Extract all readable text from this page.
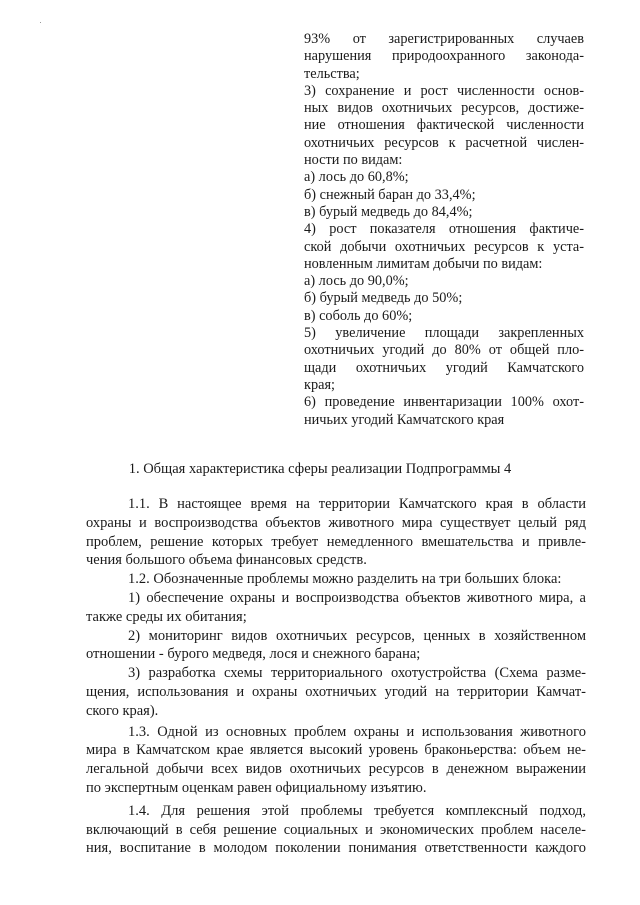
93% от зарегистрированных случаев
нарушения природоохранного законода-
тельства;
3) сохранение и рост численности основ-
ных видов охотничьих ресурсов, достиже-
ние отношения фактической численности
охотничьих ресурсов к расчетной числен-
ности по видам:
а) лось до 60,8%;
б) снежный баран до 33,4%;
в) бурый медведь до 84,4%;
4) рост показателя отношения фактиче-
ской добычи охотничьих ресурсов к уста-
новленным лимитам добычи по видам:
а) лось до 90,0%;
б) бурый медведь до 50%;
в) соболь до 60%;
5) увеличение площади закрепленных
охотничьих угодий до 80% от общей пло-
щади охотничьих угодий Камчатского
края;
6) проведение инвентаризации 100% охот-
ничьих угодий Камчатского края
1. Общая характеристика сферы реализации Подпрограммы 4
1.1. В настоящее время на территории Камчатского края в области
охраны и воспроизводства объектов животного мира существует целый ряд
проблем, решение которых требует немедленного вмешательства и привле-
чения большого объема финансовых средств.
1.2. Обозначенные проблемы можно разделить на три больших блока:
1) обеспечение охраны и воспроизводства объектов животного мира, а
также среды их обитания;
2) мониторинг видов охотничьих ресурсов, ценных в хозяйственном
отношении - бурого медведя, лося и снежного барана;
3) разработка схемы территориального охотустройства (Схема разме-
щения, использования и охраны охотничьих угодий на территории Камчат-
ского края).
1.3. Одной из основных проблем охраны и использования животного
мира в Камчатском крае является высокий уровень браконьерства: объем не-
легальной добычи всех видов охотничьих ресурсов в денежном выражении
по экспертным оценкам равен официальному изъятию.
1.4. Для решения этой проблемы требуется комплексный подход,
включающий в себя решение социальных и экономических проблем населе-
ния, воспитание в молодом поколении понимания ответственности каждого
